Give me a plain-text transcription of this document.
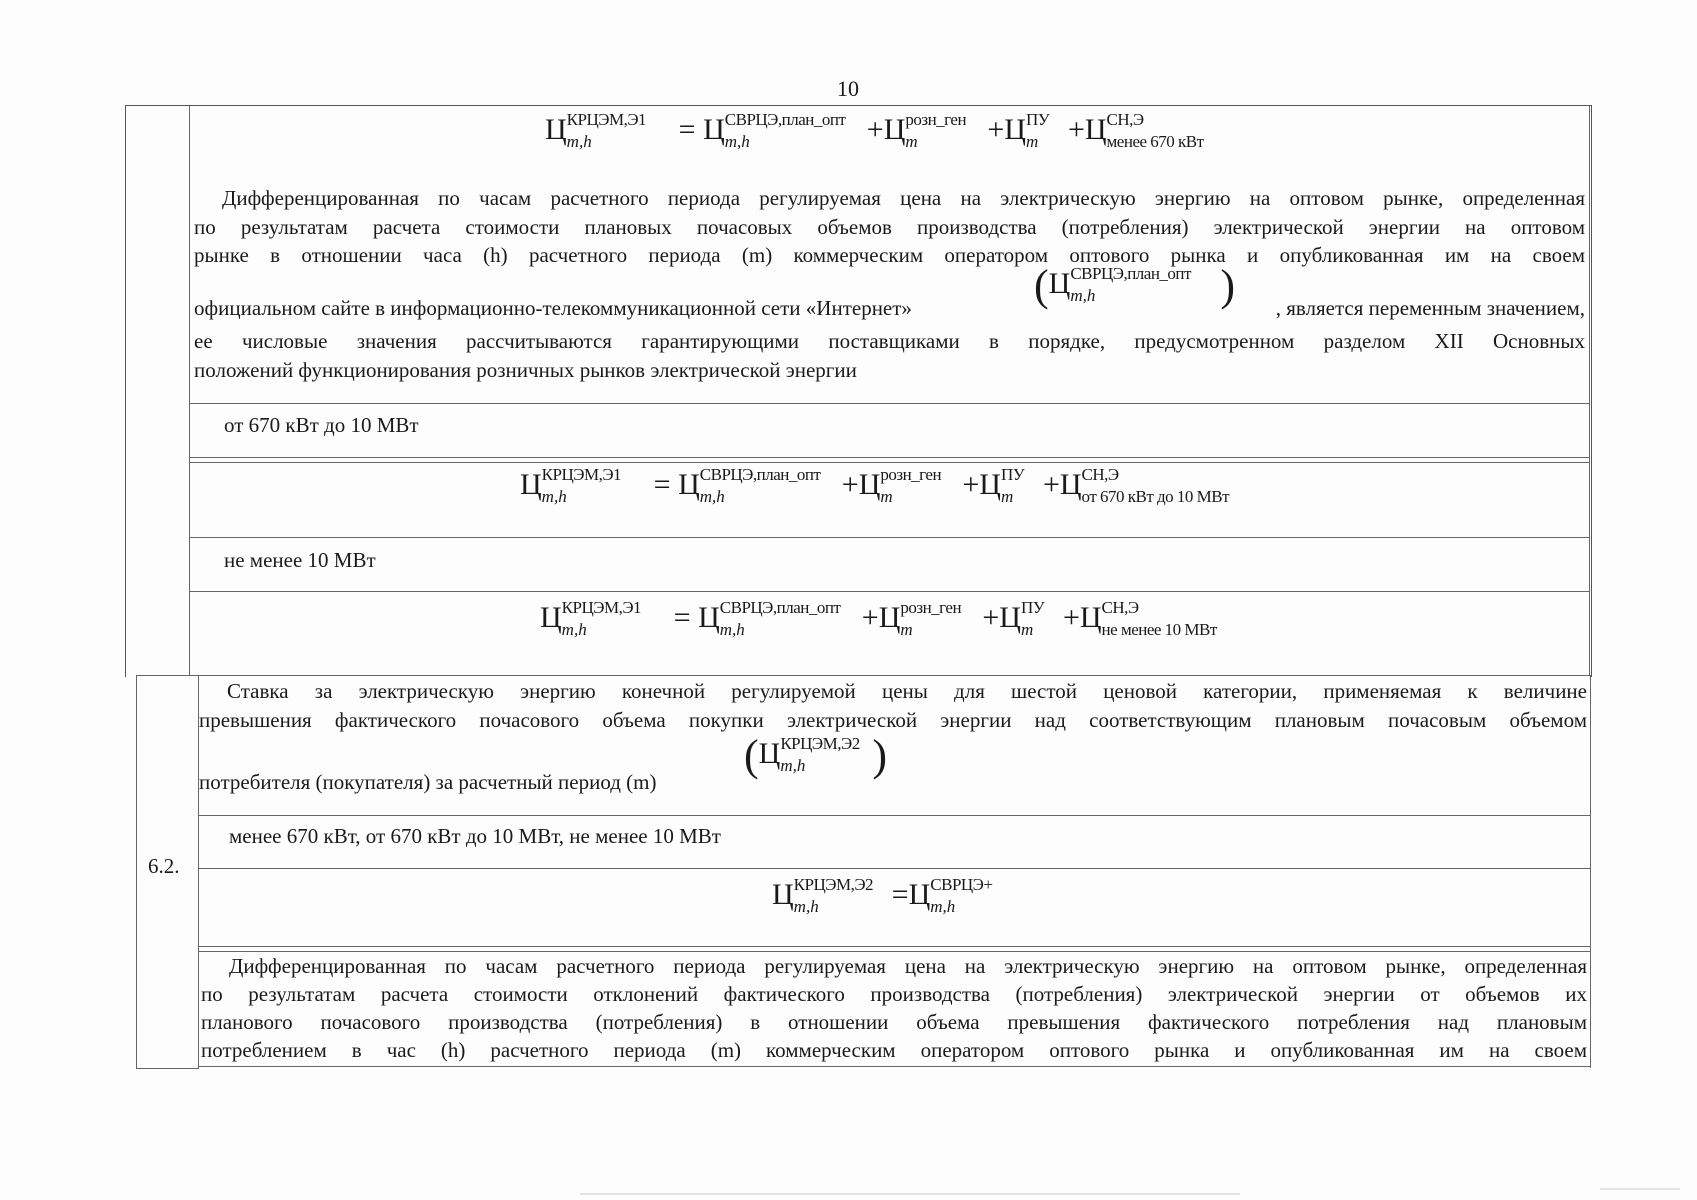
10
Ц КРЦЭМ,Э1
m,h	= Ц СВРЦЭ,план_опт
m,h	+Ц розн_ген
m +Ц ПУ
m +Ц СН,Э
менее 670 кВт
Дифференцированная по часам расчетного периода регулируемая цена на электрическую энергию на оптовом рынке, определенная
по результатам расчета стоимости плановых почасовых объемов производства (потребления) электрической энергии на оптовом
рынке в отношении часа (h) расчетного периода (m) коммерческим оператором оптового рынка и опубликованная им на своем
официальном сайте в информационно-телекоммуникационной сети «Интернет»	(Ц СВРЦЭ,план_опт
m,h	) , является переменным значением,
ее числовые значения рассчитываются гарантирующими поставщиками в порядке, предусмотренном разделом XII Основных
положений функционирования розничных рынков электрической энергии
от 670 кВт до 10 МВт
Ц КРЦЭМ,Э1
m,h	= Ц СВРЦЭ,план_опт
m,h	+Ц розн_ген
m +Ц ПУ
m +Ц СН,Э
от 670 кВт до 10 МВт
не менее 10 МВт
Ц КРЦЭМ,Э1
m,h	= Ц СВРЦЭ,план_опт
m,h	+Ц розн_ген
m +Ц ПУ
m +Ц СН,Э
не менее 10 МВт
6.2.
Ставка за электрическую энергию конечной регулируемой цены для шестой ценовой категории, применяемая к величине
превышения фактического почасового объема покупки электрической энергии над соответствующим плановым почасовым объемом
потребителя (покупателя) за расчетный период (m)
(Ц КРЦЭМ,Э2
m,h )
менее 670 кВт, от 670 кВт до 10 МВт, не менее 10 МВт
Ц КРЦЭМ,Э2
m,h =Ц СВРЦЭ+
m,h
Дифференцированная по часам расчетного периода регулируемая цена на электрическую энергию на оптовом рынке, определенная
по результатам расчета стоимости отклонений фактического производства (потребления) электрической энергии от объемов их
планового почасового производства (потребления) в отношении объема превышения фактического потребления над плановым
потреблением в час (h) расчетного периода (m) коммерческим оператором оптового рынка и опубликованная им на своем
